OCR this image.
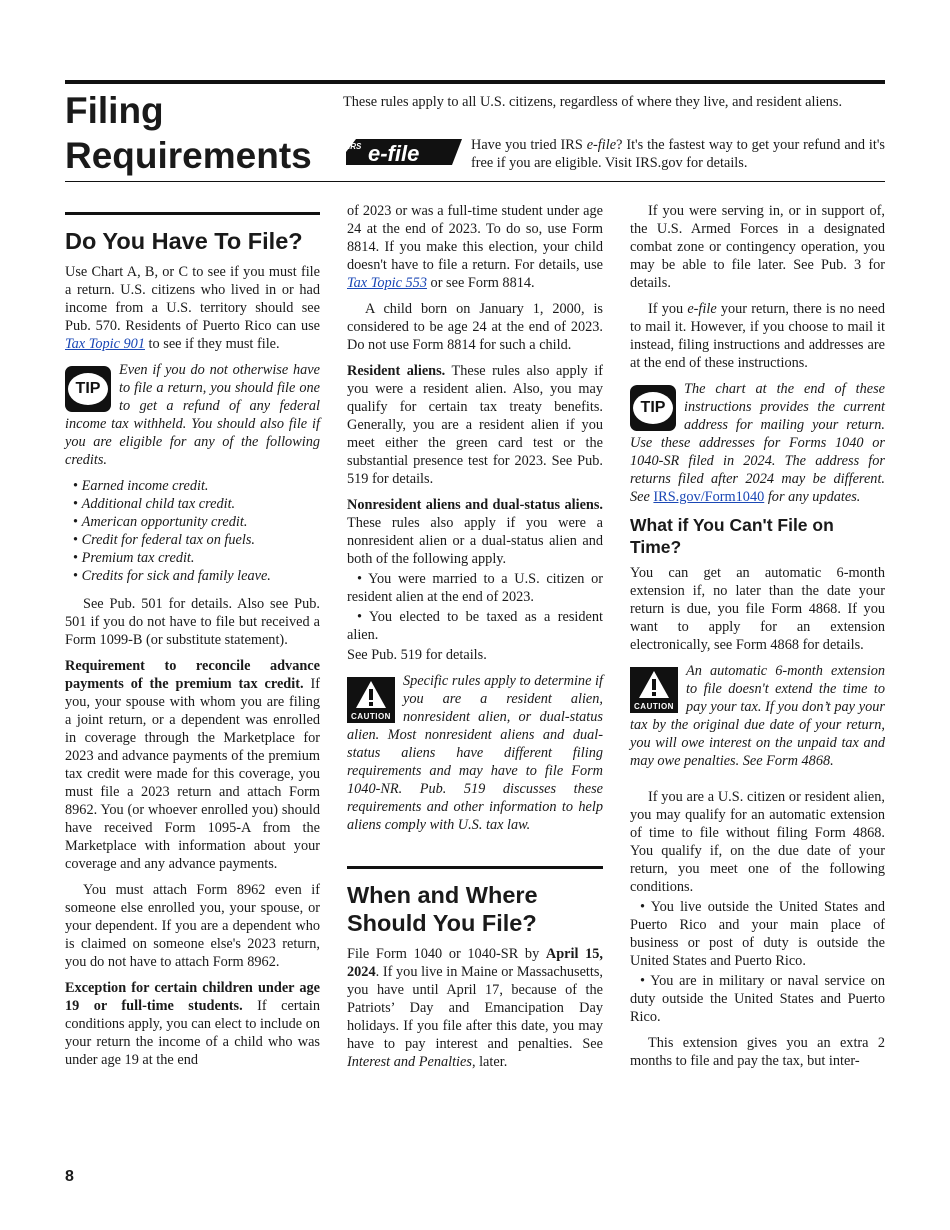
Filing Requirements

These rules apply to all U.S. citizens, regardless of where they live, and resident aliens.

IRS e-file	Have you tried IRS e-file? It's the fastest way to get your refund and it's free if you are eligible. Visit IRS.gov for details.

Do You Have To File?

Use Chart A, B, or C to see if you must file a return. U.S. citizens who lived in or had income from a U.S. territory should see Pub. 570. Residents of Puerto Rico can use Tax Topic 901 to see if they must file.

TIP
Even if you do not otherwise have to file a return, you should file one to get a refund of any federal income tax withheld. You should also file if you are eligible for any of the following credits.
• Earned income credit.
• Additional child tax credit.
• American opportunity credit.
• Credit for federal tax on fuels.
• Premium tax credit.
• Credits for sick and family leave.

See Pub. 501 for details. Also see Pub. 501 if you do not have to file but received a Form 1099-B (or substitute statement).

Requirement to reconcile advance payments of the premium tax credit. If you, your spouse with whom you are filing a joint return, or a dependent was enrolled in coverage through the Marketplace for 2023 and advance payments of the premium tax credit were made for this coverage, you must file a 2023 return and attach Form 8962. You (or whoever enrolled you) should have received Form 1095-A from the Marketplace with information about your coverage and any advance payments.

You must attach Form 8962 even if someone else enrolled you, your spouse, or your dependent. If you are a dependent who is claimed on someone else's 2023 return, you do not have to attach Form 8962.

Exception for certain children under age 19 or full-time students. If certain conditions apply, you can elect to include on your return the income of a child who was under age 19 at the end

of 2023 or was a full-time student under age 24 at the end of 2023. To do so, use Form 8814. If you make this election, your child doesn't have to file a return. For details, use Tax Topic 553 or see Form 8814.

A child born on January 1, 2000, is considered to be age 24 at the end of 2023. Do not use Form 8814 for such a child.

Resident aliens. These rules also apply if you were a resident alien. Also, you may qualify for certain tax treaty benefits. Generally, you are a resident alien if you meet either the green card test or the substantial presence test for 2023. See Pub. 519 for details.

Nonresident aliens and dual-status aliens. These rules also apply if you were a nonresident alien or a dual-status alien and both of the following apply.

• You were married to a U.S. citizen or resident alien at the end of 2023.

• You elected to be taxed as a resident alien.

See Pub. 519 for details.

CAUTION
Specific rules apply to determine if you are a resident alien, nonresident alien, or dual-status alien. Most nonresident aliens and dual-status aliens have different filing requirements and may have to file Form 1040-NR. Pub. 519 discusses these requirements and other information to help aliens comply with U.S. tax law.
When and Where Should You File?

File Form 1040 or 1040-SR by April 15, 2024. If you live in Maine or Massachusetts, you have until April 17, because of the Patriots’ Day and Emancipation Day holidays. If you file after this date, you may have to pay interest and penalties. See Interest and Penalties, later.

If you were serving in, or in support of, the U.S. Armed Forces in a designated combat zone or contingency operation, you may be able to file later. See Pub. 3 for details.

If you e-file your return, there is no need to mail it. However, if you choose to mail it instead, filing instructions and addresses are at the end of these instructions.

TIP
The chart at the end of these instructions provides the current address for mailing your return. Use these addresses for Forms 1040 or 1040-SR filed in 2024. The address for returns filed after 2024 may be different. See IRS.gov/Form1040 for any updates.
What if You Can't File on Time?

You can get an automatic 6-month extension if, no later than the date your return is due, you file Form 4868. If you want to apply for an extension electronically, see Form 4868 for details.

CAUTION
An automatic 6-month extension to file doesn't extend the time to pay your tax. If you don’t pay your tax by the original due date of your return, you will owe interest on the unpaid tax and may owe penalties. See Form 4868.

If you are a U.S. citizen or resident alien, you may qualify for an automatic extension of time to file without filing Form 4868. You qualify if, on the due date of your return, you meet one of the following conditions.

• You live outside the United States and Puerto Rico and your main place of business or post of duty is outside the United States and Puerto Rico.

• You are in military or naval service on duty outside the United States and Puerto Rico.

This extension gives you an extra 2 months to file and pay the tax, but inter-

8
